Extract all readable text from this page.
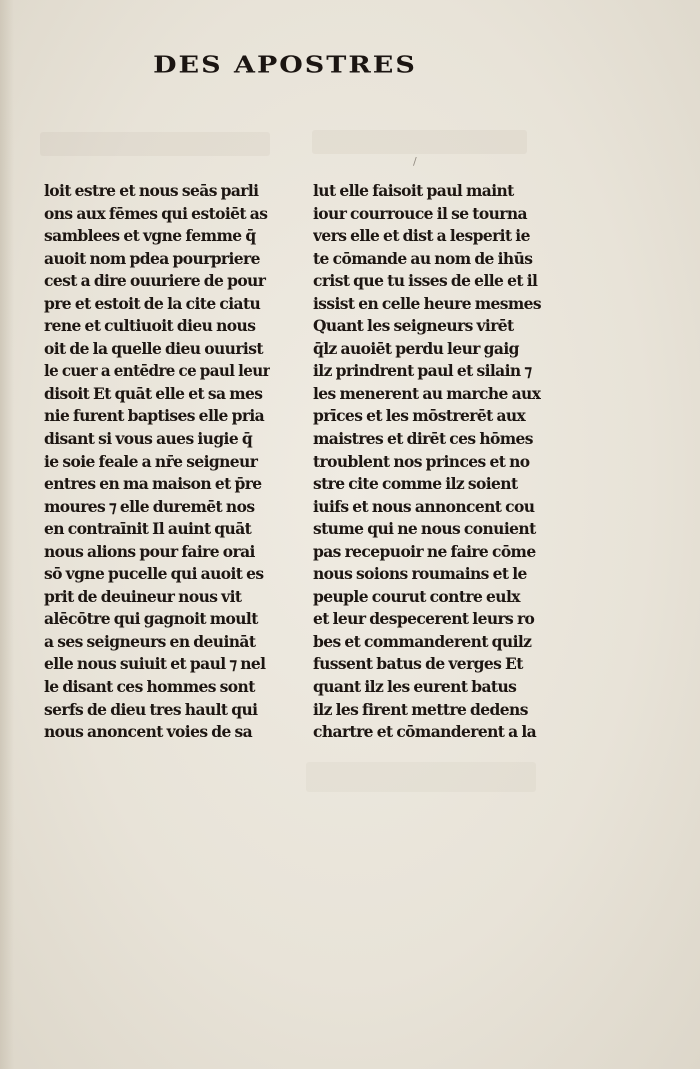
/
DES APOSTRES
loit estre et nous seās parli
ons aux fēmes qui estoiēt as
samblees et vgne femme q̄
auoit nom pdea pourpriere
cest a dire ouuriere de pour
pre et estoit de la cite ciatu
rene et cultiuoit dieu nous
oit de la quelle dieu ouurist
le cuer a entēdre ce paul leur
disoit Et quāt elle et sa mes
nie furent baptises elle pria
disant si vous aues iugie q̄
ie soie feale a nr̄e seigneur
entres en ma maison et p̄re
moures ⁊ elle duremēt nos
en contraīnit Il auint quāt
nous alions pour faire orai
sō vgne pucelle qui auoit es
prit de deuineur nous vit
alēcōtre qui gagnoit moult
a ses seigneurs en deuināt
elle nous suiuit et paul ⁊ nel
le disant ces hommes sont
serfs de dieu tres hault qui
nous anoncent voies de sa
lut elle faisoit paul maint
iour courrouce il se tourna
vers elle et dist a lesperit ie
te cōmande au nom de ihūs
crist que tu isses de elle et il
issist en celle heure mesmes
Quant les seigneurs virēt
q̄lz auoiēt perdu leur gaig
ilz prindrent paul et silain ⁊
les menerent au marche aux
prīces et les mōstrerēt aux
maistres et dirēt ces hōmes
troublent nos princes et no
stre cite comme ilz soient
iuifs et nous annoncent cou
stume qui ne nous conuient
pas recepuoir ne faire cōme
nous soions roumains et le
peuple courut contre eulx
et leur despecerent leurs ro
bes et commanderent quilz
fussent batus de verges Et
quant ilz les eurent batus
ilz les firent mettre dedens
chartre et cōmanderent a la
